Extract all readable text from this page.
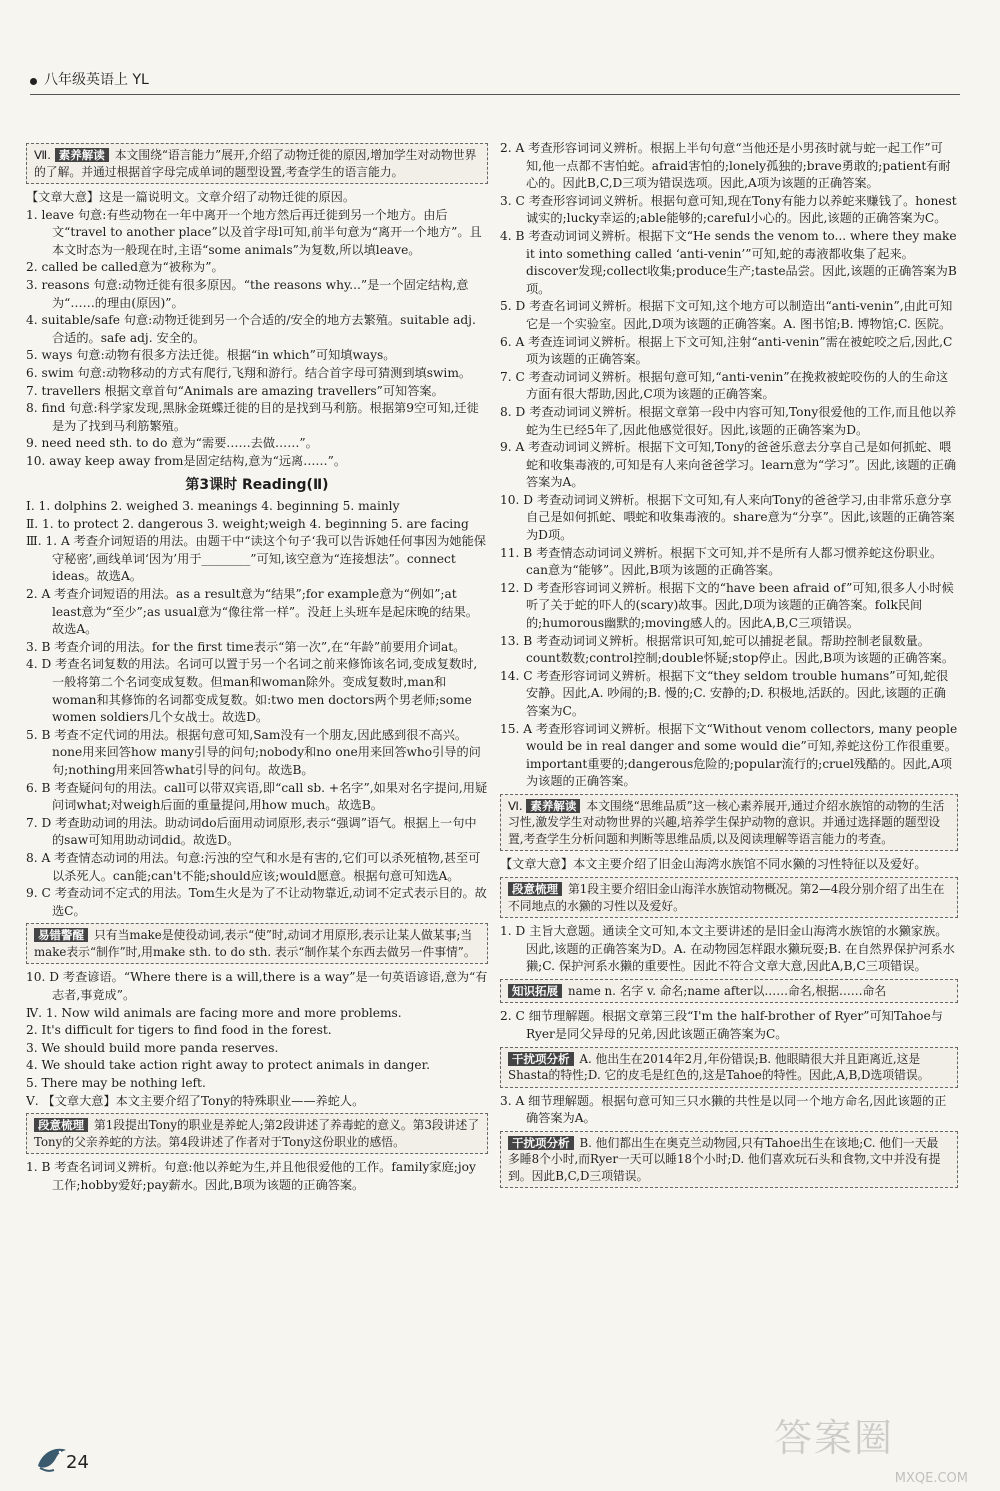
八年级英语上 YL
Ⅶ. 素养解读 本文围绕“语言能力”展开,介绍了动物迁徙的原因,增加学生对动物世界的了解。并通过根据首字母完成单词的题型设置,考查学生的语言能力。

【文章大意】这是一篇说明文。文章介绍了动物迁徙的原因。

1. leave 句意:有些动物在一年中离开一个地方然后再迁徙到另一个地方。由后文“travel to another place”以及首字母l可知,前半句意为“离开一个地方”。且本文时态为一般现在时,主语“some animals”为复数,所以填leave。

2. called be called意为“被称为”。

3. reasons 句意:动物迁徙有很多原因。“the reasons why...”是一个固定结构,意为“……的理由(原因)”。

4. suitable/safe 句意:动物迁徙到另一个合适的/安全的地方去繁殖。suitable adj. 合适的。safe adj. 安全的。

5. ways 句意:动物有很多方法迁徙。根据“in which”可知填ways。

6. swim 句意:动物移动的方式有爬行,飞翔和游行。结合首字母可猜测到填swim。

7. travellers 根据文章首句“Animals are amazing travellers”可知答案。

8. find 句意:科学家发现,黑脉金斑蝶迁徙的目的是找到马利筋。根据第9空可知,迁徙是为了找到马利筋繁殖。

9. need need sth. to do 意为“需要……去做……”。

10. away keep away from是固定结构,意为“远离……”。

第3课时 Reading(Ⅱ)

Ⅰ. 1. dolphins 2. weighed 3. meanings 4. beginning 5. mainly

Ⅱ. 1. to protect 2. dangerous 3. weight;weigh 4. beginning 5. are facing

Ⅲ. 1. A 考查介词短语的用法。由题干中“读这个句子‘我可以告诉她任何事因为她能保守秘密’,画线单词‘因为’用于________”可知,该空意为“连接想法”。connect ideas。故选A。

2. A 考查介词短语的用法。as a result意为“结果”;for example意为“例如”;at least意为“至少”;as usual意为“像往常一样”。没赶上头班车是起床晚的结果。故选A。

3. B 考查介词的用法。for the first time表示“第一次”,在“年龄”前要用介词at。

4. D 考查名词复数的用法。名词可以置于另一个名词之前来修饰该名词,变成复数时,一般将第二个名词变成复数。但man和woman除外。变成复数时,man和woman和其修饰的名词都变成复数。如:two men doctors两个男老师;some women soldiers几个女战士。故选D。

5. B 考查不定代词的用法。根据句意可知,Sam没有一个朋友,因此感到很不高兴。none用来回答how many引导的问句;nobody和no one用来回答who引导的问句;nothing用来回答what引导的问句。故选B。

6. B 考查疑问句的用法。call可以带双宾语,即“call sb. +名字”,如果对名字提问,用疑问词what;对weigh后面的重量提问,用how much。故选B。

7. D 考查助动词的用法。助动词do后面用动词原形,表示“强调”语气。根据上一句中的saw可知用助动词did。故选D。

8. A 考查情态动词的用法。句意:污浊的空气和水是有害的,它们可以杀死植物,甚至可以杀死人。can能;can't不能;should应该;would愿意。根据句意可知选A。

9. C 考查动词不定式的用法。Tom生火是为了不让动物靠近,动词不定式表示目的。故选C。

易错警醒 只有当make是使役动词,表示“使”时,动词才用原形,表示让某人做某事;当make表示“制作”时,用make sth. to do sth. 表示“制作某个东西去做另一件事情”。

10. D 考查谚语。“Where there is a will,there is a way”是一句英语谚语,意为“有志者,事竟成”。

Ⅳ. 1. Now wild animals are facing more and more problems.

2. It's difficult for tigers to find food in the forest.

3. We should build more panda reserves.

4. We should take action right away to protect animals in danger.

5. There may be nothing left.

Ⅴ. 【文章大意】本文主要介绍了Tony的特殊职业——养蛇人。

段意梳理 第1段提出Tony的职业是养蛇人;第2段讲述了养毒蛇的意义。第3段讲述了Tony的父亲养蛇的方法。第4段讲述了作者对于Tony这份职业的感悟。

1. B 考查名词词义辨析。句意:他以养蛇为生,并且他很爱他的工作。family家庭;joy工作;hobby爱好;pay薪水。因此,B项为该题的正确答案。

2. A 考查形容词词义辨析。根据上半句句意“当他还是小男孩时就与蛇一起工作”可知,他一点都不害怕蛇。afraid害怕的;lonely孤独的;brave勇敢的;patient有耐心的。因此B,C,D三项为错误选项。因此,A项为该题的正确答案。

3. C 考查形容词词义辨析。根据句意可知,现在Tony有能力以养蛇来赚钱了。honest诚实的;lucky幸运的;able能够的;careful小心的。因此,该题的正确答案为C。

4. B 考查动词词义辨析。根据下文“He sends the venom to... where they make it into something called ‘anti-venin’”可知,蛇的毒液都收集了起来。discover发现;collect收集;produce生产;taste品尝。因此,该题的正确答案为B项。

5. D 考查名词词义辨析。根据下文可知,这个地方可以制造出“anti-venin”,由此可知它是一个实验室。因此,D项为该题的正确答案。A. 图书馆;B. 博物馆;C. 医院。

6. A 考查连词词义辨析。根据上下文可知,注射“anti-venin”需在被蛇咬之后,因此,C项为该题的正确答案。

7. C 考查动词词义辨析。根据句意可知,“anti-venin”在挽救被蛇咬伤的人的生命这方面有很大帮助,因此,C项为该题的正确答案。

8. D 考查动词词义辨析。根据文章第一段中内容可知,Tony很爱他的工作,而且他以养蛇为生已经5年了,因此他感觉很好。因此,该题的正确答案为D。

9. A 考查动词词义辨析。根据下文可知,Tony的爸爸乐意去分享自己是如何抓蛇、喂蛇和收集毒液的,可知是有人来向爸爸学习。learn意为“学习”。因此,该题的正确答案为A。

10. D 考查动词词义辨析。根据下文可知,有人来向Tony的爸爸学习,由非常乐意分享自己是如何抓蛇、喂蛇和收集毒液的。share意为“分享”。因此,该题的正确答案为D项。

11. B 考查情态动词词义辨析。根据下文可知,并不是所有人都习惯养蛇这份职业。can意为“能够”。因此,B项为该题的正确答案。

12. D 考查形容词词义辨析。根据下文的“have been afraid of”可知,很多人小时候听了关于蛇的吓人的(scary)故事。因此,D项为该题的正确答案。folk民间的;humorous幽默的;moving感人的。因此A,B,C三项错误。

13. B 考查动词词义辨析。根据常识可知,蛇可以捕捉老鼠。帮助控制老鼠数量。count数数;control控制;double怀疑;stop停止。因此,B项为该题的正确答案。

14. C 考查形容词词义辨析。根据下文“they seldom trouble humans”可知,蛇很安静。因此,A. 吵闹的;B. 慢的;C. 安静的;D. 积极地,活跃的。因此,该题的正确答案为C。

15. A 考查形容词词义辨析。根据下文“Without venom collectors, many people would be in real danger and some would die”可知,养蛇这份工作很重要。important重要的;dangerous危险的;popular流行的;cruel残酷的。因此,A项为该题的正确答案。

Ⅵ. 素养解读 本文围绕“思维品质”这一核心素养展开,通过介绍水族馆的动物的生活习性,激发学生对动物世界的兴趣,培养学生保护动物的意识。并通过选择题的题型设置,考查学生分析问题和判断等思维品质,以及阅读理解等语言能力的考查。

【文章大意】本文主要介绍了旧金山海湾水族馆不同水獭的习性特征以及爱好。

段意梳理 第1段主要介绍旧金山海洋水族馆动物概况。第2—4段分别介绍了出生在不同地点的水獭的习性以及爱好。

1. D 主旨大意题。通读全文可知,本文主要讲述的是旧金山海湾水族馆的水獭家族。因此,该题的正确答案为D。A. 在动物园怎样跟水獭玩耍;B. 在自然界保护河系水獭;C. 保护河系水獭的重要性。因此不符合文章大意,因此A,B,C三项错误。

知识拓展 name n. 名字 v. 命名;name after以……命名,根据……命名

2. C 细节理解题。根据文章第三段“I'm the half-brother of Ryer”可知Tahoe与Ryer是同父异母的兄弟,因此该题正确答案为C。

干扰项分析 A. 他出生在2014年2月,年份错误;B. 他眼睛很大并且距离近,这是Shasta的特性;D. 它的皮毛是红色的,这是Tahoe的特性。因此,A,B,D选项错误。

3. A 细节理解题。根据句意可知三只水獭的共性是以同一个地方命名,因此该题的正确答案为A。

干扰项分析 B. 他们都出生在奥克兰动物园,只有Tahoe出生在该地;C. 他们一天最多睡8个小时,而Ryer一天可以睡18个小时;D. 他们喜欢玩石头和食物,文中并没有提到。因此B,C,D三项错误。
24
答案圈
MXQE.COM
